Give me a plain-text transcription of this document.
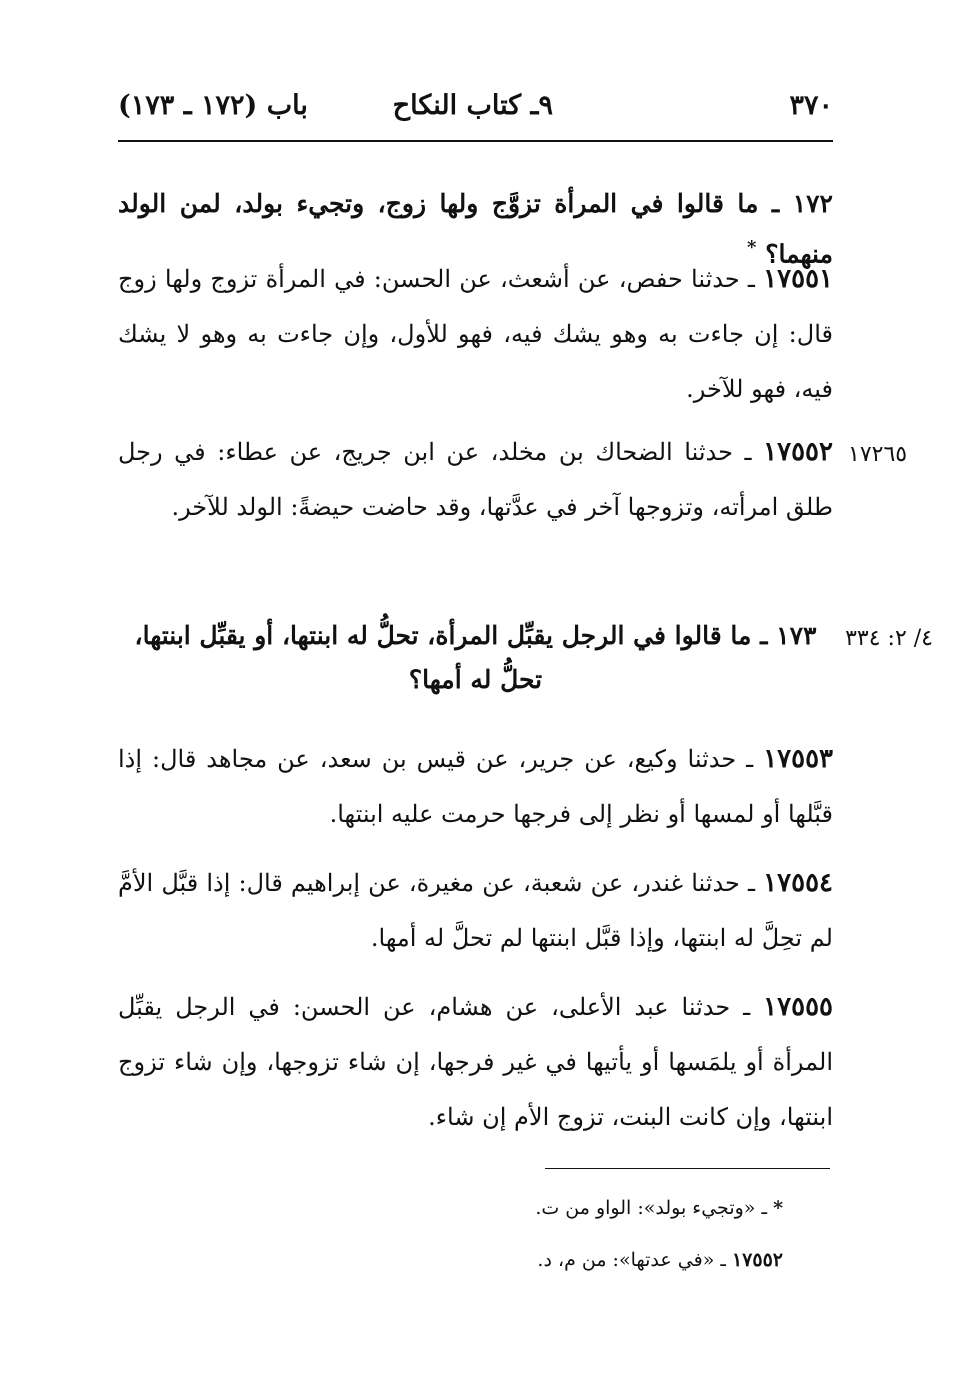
٣٧٠
٩ـ كتاب النكاح
باب (١٧٢ ـ ١٧٣)
١٧٢ ـ ما قالوا في المرأة تزوَّج ولها زوج، وتجيء بولد، لمن الولد منهما؟ *
١٧٥٥١ ـ حدثنا حفص، عن أشعث، عن الحسن: في المرأة تزوج ولها زوج قال: إن جاءت به وهو يشك فيه، فهو للأول، وإن جاءت به وهو لا يشك فيه، فهو للآخر.
١٧٢٦٥
١٧٥٥٢ ـ حدثنا الضحاك بن مخلد، عن ابن جريج، عن عطاء: في رجل طلق امرأته، وتزوجها آخر في عدَّتها، وقد حاضت حيضةً: الولد للآخر.
٤/ ٢: ٣٣٤
١٧٣ ـ ما قالوا في الرجل يقبِّل المرأة، تحلُّ له ابنتها، أو يقبِّل ابنتها، تحلُّ له أمها؟
١٧٥٥٣ ـ حدثنا وكيع، عن جرير، عن قيس بن سعد، عن مجاهد قال: إذا قبَّلها أو لمسها أو نظر إلى فرجها حرمت عليه ابنتها.
١٧٥٥٤ ـ حدثنا غندر، عن شعبة، عن مغيرة، عن إبراهيم قال: إذا قبَّل الأمَّ لم تحِلَّ له ابنتها، وإذا قبَّل ابنتها لم تحلَّ له أمها.
١٧٥٥٥ ـ حدثنا عبد الأعلى، عن هشام، عن الحسن: في الرجل يقبِّل المرأة أو يلمَسها أو يأتيها في غير فرجها، إن شاء تزوجها، وإن شاء تزوج ابنتها، وإن كانت البنت، تزوج الأم إن شاء.
* ـ «وتجيء بولد»: الواو من ت.
١٧٥٥٢ ـ «في عدتها»: من م، د.
